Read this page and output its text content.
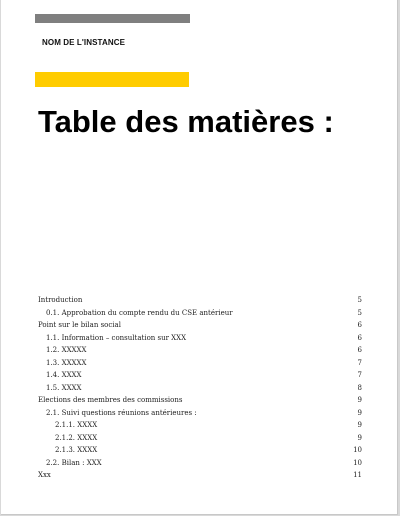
NOM DE L'INSTANCE
Table des matières :
Introduction	5
0.1. Approbation du compte rendu du CSE antérieur	5
Point sur le bilan social	6
1.1. Information – consultation sur XXX	6
1.2. XXXXX	6
1.3. XXXXX	7
1.4. XXXX	7
1.5. XXXX	8
Elections des membres des commissions	9
2.1. Suivi questions réunions antérieures :	9
2.1.1. XXXX	9
2.1.2. XXXX	9
2.1.3. XXXX	10
2.2. Bilan : XXX	10
Xxx	11
